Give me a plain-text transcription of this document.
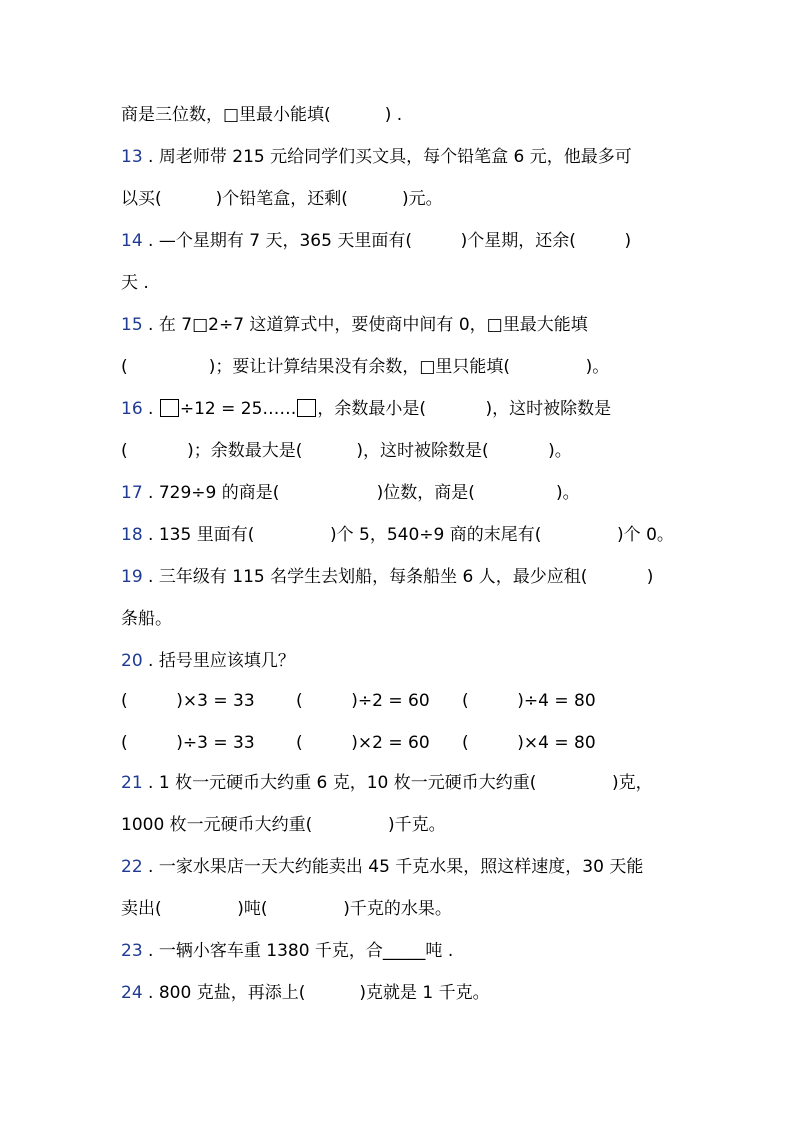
商是三位数，□里最小能填(          ) .
13 . 周老师带 215 元给同学们买文具，每个铅笔盒 6 元，他最多可
以买(          )个铅笔盒，还剩(          )元。
14 . —个星期有 7 天，365 天里面有(         )个星期，还余(         )
天 .
15 . 在 7□2÷7 这道算式中，要使商中间有 0，□里最大能填
(               )；要让计算结果没有余数，□里只能填(              )。
16 . ÷12 = 25…… ，余数最小是(           )，这时被除数是
(           )；余数最大是(          )，这时被除数是(           )。
17 . 729÷9 的商是(                  )位数，商是(               )。
18 . 135 里面有(              )个 5，540÷9 商的末尾有(              )个 0。
19 . 三年级有 115 名学生去划船，每条船坐 6 人，最少应租(           )
条船。
20 . 括号里应该填几？
(         )×3 = 33 (         )÷2 = 60 (         )÷4 = 80
(         )÷3 = 33 (         )×2 = 60 (         )×4 = 80
21 . 1 枚一元硬币大约重 6 克，10 枚一元硬币大约重(              )克，
1000 枚一元硬币大约重(              )千克。
22 . 一家水果店一天大约能卖出 45 千克水果，照这样速度，30 天能
卖出(              )吨(              )千克的水果。
23 . 一辆小客车重 1380 千克，合_____吨 .
24 . 800 克盐，再添上(          )克就是 1 千克。
